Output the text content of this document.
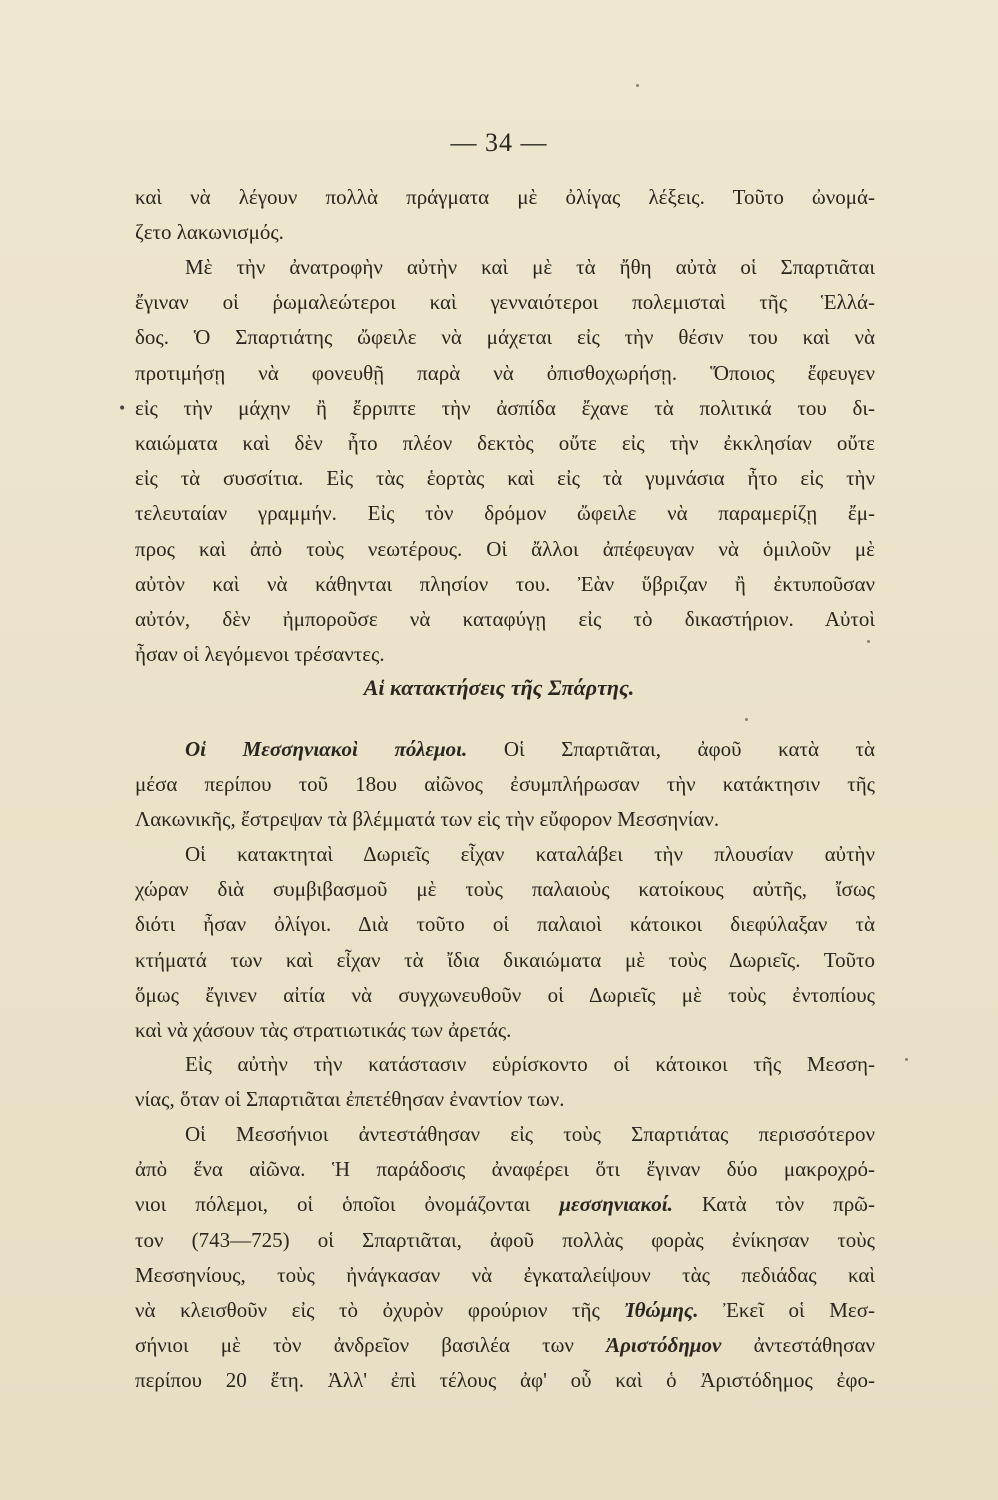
— 34 —
καὶ νὰ λέγουν πολλὰ πράγματα μὲ ὀλίγας λέξεις. Τοῦτο ὠνομά-
ζετο λακωνισμός.
Μὲ τὴν ἀνατροφὴν αὐτὴν καὶ μὲ τὰ ἤθη αὐτὰ οἱ Σπαρτιᾶται
ἔγιναν οἱ ῥωμαλεώτεροι καὶ γενναιότεροι πολεμισταὶ τῆς Ἑλλά-
δος. Ὁ Σπαρτιάτης ὤφειλε νὰ μάχεται εἰς τὴν θέσιν του καὶ νὰ
προτιμήσῃ νὰ φονευθῇ παρὰ νὰ ὀπισθοχωρήσῃ. Ὅποιος ἔφευγεν
εἰς τὴν μάχην ἢ ἔρριπτε τὴν ἀσπίδα ἔχανε τὰ πολιτικά του δι-
καιώματα καὶ δὲν ἦτο πλέον δεκτὸς οὔτε εἰς τὴν ἐκκλησίαν οὔτε
εἰς τὰ συσσίτια. Εἰς τὰς ἑορτὰς καὶ εἰς τὰ γυμνάσια ἦτο εἰς τὴν
τελευταίαν γραμμήν. Εἰς τὸν δρόμον ὤφειλε νὰ παραμερίζῃ ἔμ-
προς καὶ ἀπὸ τοὺς νεωτέρους. Οἱ ἄλλοι ἀπέφευγαν νὰ ὁμιλοῦν μὲ
αὐτὸν καὶ νὰ κάθηνται πλησίον του. Ἐὰν ὕβριζαν ἢ ἐκτυποῦσαν
αὐτόν, δὲν ἠμποροῦσε νὰ καταφύγῃ εἰς τὸ δικαστήριον. Αὐτοὶ
ἦσαν οἱ λεγόμενοι τρέσαντες.
•
Αἱ κατακτήσεις τῆς Σπάρτης.
Οἱ Μεσσηνιακοὶ πόλεμοι. Οἱ Σπαρτιᾶται, ἀφοῦ κατὰ τὰ
μέσα περίπου τοῦ 18ου αἰῶνος ἐσυμπλήρωσαν τὴν κατάκτησιν τῆς
Λακωνικῆς, ἔστρεψαν τὰ βλέμματά των εἰς τὴν εὔφορον Μεσσηνίαν.
Οἱ κατακτηταὶ Δωριεῖς εἶχαν καταλάβει τὴν πλουσίαν αὐτὴν
χώραν διὰ συμβιβασμοῦ μὲ τοὺς παλαιοὺς κατοίκους αὐτῆς, ἴσως
διότι ἦσαν ὀλίγοι. Διὰ τοῦτο οἱ παλαιοὶ κάτοικοι διεφύλαξαν τὰ
κτήματά των καὶ εἶχαν τὰ ἴδια δικαιώματα μὲ τοὺς Δωριεῖς. Τοῦτο
ὅμως ἔγινεν αἰτία νὰ συγχωνευθοῦν οἱ Δωριεῖς μὲ τοὺς ἐντοπίους
καὶ νὰ χάσουν τὰς στρατιωτικάς των ἀρετάς.
Εἰς αὐτὴν τὴν κατάστασιν εὑρίσκοντο οἱ κάτοικοι τῆς Μεσση-
νίας, ὅταν οἱ Σπαρτιᾶται ἐπετέθησαν ἐναντίον των.
Οἱ Μεσσήνιοι ἀντεστάθησαν εἰς τοὺς Σπαρτιάτας περισσότερον
ἀπὸ ἕνα αἰῶνα. Ἡ παράδοσις ἀναφέρει ὅτι ἔγιναν δύο μακροχρό-
νιοι πόλεμοι, οἱ ὁποῖοι ὀνομάζονται μεσσηνιακοί. Κατὰ τὸν πρῶ-
τον (743—725) οἱ Σπαρτιᾶται, ἀφοῦ πολλὰς φορὰς ἐνίκησαν τοὺς
Μεσσηνίους, τοὺς ἠνάγκασαν νὰ ἐγκαταλείψουν τὰς πεδιάδας καὶ
νὰ κλεισθοῦν εἰς τὸ ὀχυρὸν φρούριον τῆς Ἰθώμης. Ἐκεῖ οἱ Μεσ-
σήνιοι μὲ τὸν ἀνδρεῖον βασιλέα των Ἀριστόδημον ἀντεστάθησαν
περίπου 20 ἔτη. Ἀλλ' ἐπὶ τέλους ἀφ' οὗ καὶ ὁ Ἀριστόδημος ἐφο-
